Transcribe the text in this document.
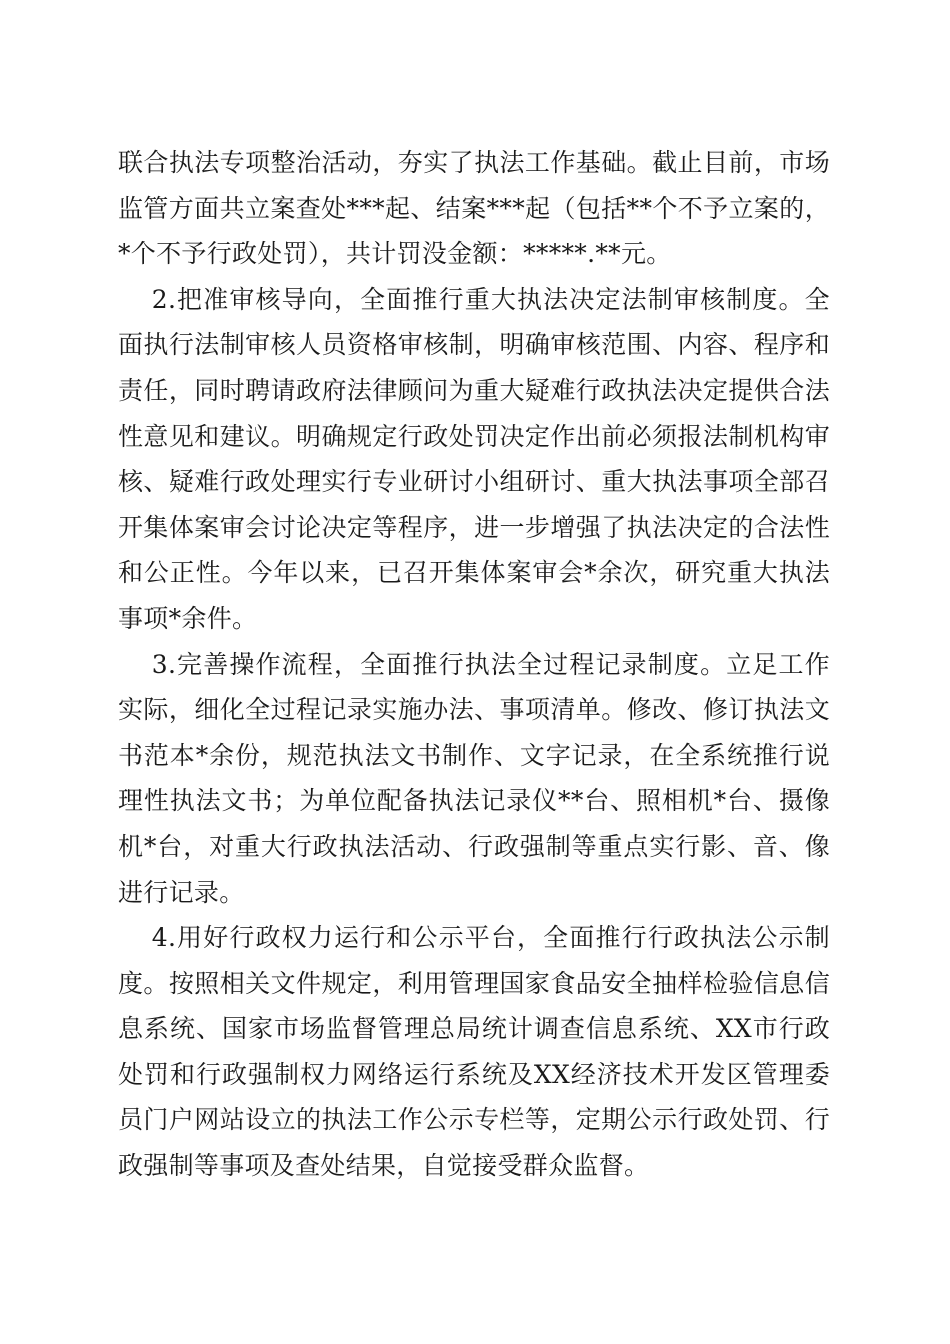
联合执法专项整治活动，夯实了执法工作基础。截止目前，市场监管方面共立案查处***起、结案***起（包括**个不予立案的，*个不予行政处罚），共计罚没金额：*****.**元。

2.把准审核导向，全面推行重大执法决定法制审核制度。全面执行法制审核人员资格审核制，明确审核范围、内容、程序和责任，同时聘请政府法律顾问为重大疑难行政执法决定提供合法性意见和建议。明确规定行政处罚决定作出前必须报法制机构审核、疑难行政处理实行专业研讨小组研讨、重大执法事项全部召开集体案审会讨论决定等程序，进一步增强了执法决定的合法性和公正性。今年以来，已召开集体案审会*余次，研究重大执法事项*余件。

3.完善操作流程，全面推行执法全过程记录制度。立足工作实际，细化全过程记录实施办法、事项清单。修改、修订执法文书范本*余份，规范执法文书制作、文字记录，在全系统推行说理性执法文书；为单位配备执法记录仪**台、照相机*台、摄像机*台，对重大行政执法活动、行政强制等重点实行影、音、像进行记录。

4.用好行政权力运行和公示平台，全面推行行政执法公示制度。按照相关文件规定，利用管理国家食品安全抽样检验信息信息系统、国家市场监督管理总局统计调查信息系统、XX市行政处罚和行政强制权力网络运行系统及XX经济技术开发区管理委员门户网站设立的执法工作公示专栏等，定期公示行政处罚、行政强制等事项及查处结果，自觉接受群众监督。
